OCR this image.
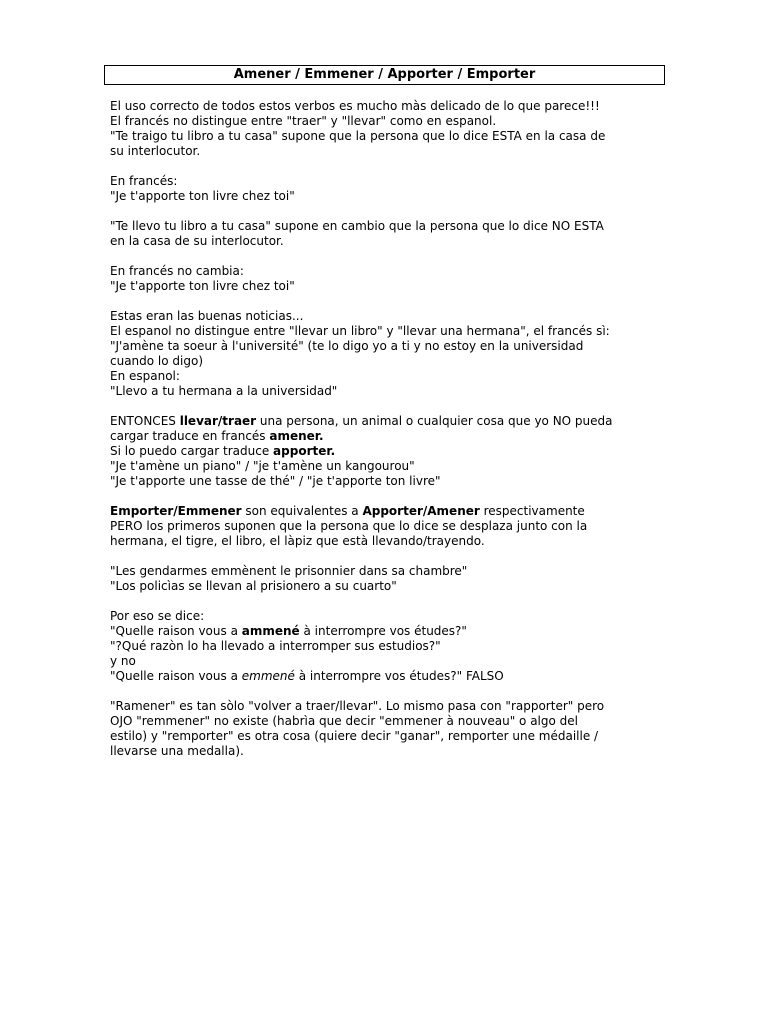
Amener / Emmener / Apporter / Emporter
El uso correcto de todos estos verbos es mucho màs delicado de lo que parece!!!
El francés no distingue entre "traer" y "llevar" como en espanol.
"Te traigo tu libro a tu casa" supone que la persona que lo dice ESTA en la casa de
su interlocutor.
En francés:
"Je t'apporte ton livre chez toi"
"Te llevo tu libro a tu casa" supone en cambio que la persona que lo dice NO ESTA
en la casa de su interlocutor.
En francés no cambia:
"Je t'apporte ton livre chez toi"
Estas eran las buenas noticias...
El espanol no distingue entre "llevar un libro" y "llevar una hermana", el francés sì:
"J'amène ta soeur à l'université" (te lo digo yo a ti y no estoy en la universidad
cuando lo digo)
En espanol:
"Llevo a tu hermana a la universidad"
ENTONCES llevar/traer una persona, un animal o cualquier cosa que yo NO pueda
cargar traduce en francés amener.
Si lo puedo cargar traduce apporter.
"Je t'amène un piano" / "je t'amène un kangourou"
"Je t'apporte une tasse de thé" / "je t'apporte ton livre"
Emporter/Emmener son equivalentes a Apporter/Amener respectivamente
PERO los primeros suponen que la persona que lo dice se desplaza junto con la
hermana, el tigre, el libro, el làpiz que està llevando/trayendo.
"Les gendarmes emmènent le prisonnier dans sa chambre"
"Los policìas se llevan al prisionero a su cuarto"
Por eso se dice:
"Quelle raison vous a ammené à interrompre vos études?"
"?Qué razòn lo ha llevado a interromper sus estudios?"
y no
"Quelle raison vous a emmené à interrompre vos études?" FALSO
"Ramener" es tan sòlo "volver a traer/llevar". Lo mismo pasa con "rapporter" pero
OJO "remmener" no existe (habrìa que decir "emmener à nouveau" o algo del
estilo) y "remporter" es otra cosa (quiere decir "ganar", remporter une médaille /
llevarse una medalla).
